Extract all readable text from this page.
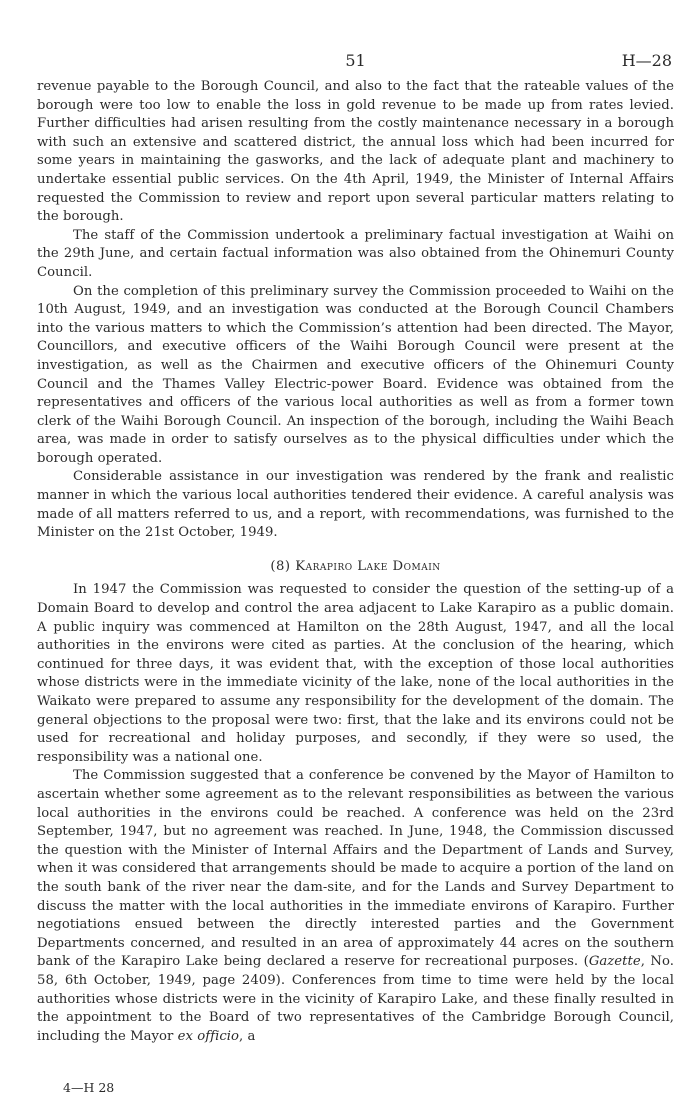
51	H—28

revenue payable to the Borough Council, and also to the fact that the rateable values of the borough were too low to enable the loss in gold revenue to be made up from rates levied. Further difficulties had arisen resulting from the costly maintenance necessary in a borough with such an extensive and scattered district, the annual loss which had been incurred for some years in maintaining the gasworks, and the lack of adequate plant and machinery to undertake essential public services. On the 4th April, 1949, the Minister of Internal Affairs requested the Commission to review and report upon several particular matters relating to the borough.

The staff of the Commission undertook a preliminary factual investigation at Waihi on the 29th June, and certain factual information was also obtained from the Ohinemuri County Council.

On the completion of this preliminary survey the Commission proceeded to Waihi on the 10th August, 1949, and an investigation was conducted at the Borough Council Chambers into the various matters to which the Commission’s attention had been directed. The Mayor, Councillors, and executive officers of the Waihi Borough Council were present at the investigation, as well as the Chairmen and executive officers of the Ohinemuri County Council and the Thames Valley Electric-power Board. Evidence was obtained from the representatives and officers of the various local authorities as well as from a former town clerk of the Waihi Borough Council. An inspection of the borough, including the Waihi Beach area, was made in order to satisfy ourselves as to the physical difficulties under which the borough operated.

Considerable assistance in our investigation was rendered by the frank and realistic manner in which the various local authorities tendered their evidence. A careful analysis was made of all matters referred to us, and a report, with recommendations, was furnished to the Minister on the 21st October, 1949.

(8) Karapiro Lake Domain

In 1947 the Commission was requested to consider the question of the setting-up of a Domain Board to develop and control the area adjacent to Lake Karapiro as a public domain. A public inquiry was commenced at Hamilton on the 28th August, 1947, and all the local authorities in the environs were cited as parties. At the conclusion of the hearing, which continued for three days, it was evident that, with the exception of those local authorities whose districts were in the immediate vicinity of the lake, none of the local authorities in the Waikato were prepared to assume any responsibility for the development of the domain. The general objections to the proposal were two: first, that the lake and its environs could not be used for recreational and holiday purposes, and secondly, if they were so used, the responsibility was a national one.

The Commission suggested that a conference be convened by the Mayor of Hamilton to ascertain whether some agreement as to the relevant responsibilities as between the various local authorities in the environs could be reached. A conference was held on the 23rd September, 1947, but no agreement was reached. In June, 1948, the Commission discussed the question with the Minister of Internal Affairs and the Department of Lands and Survey, when it was considered that arrangements should be made to acquire a portion of the land on the south bank of the river near the dam-site, and for the Lands and Survey Department to discuss the matter with the local authorities in the immediate environs of Karapiro. Further negotiations ensued between the directly interested parties and the Government Departments concerned, and resulted in an area of approximately 44 acres on the southern bank of the Karapiro Lake being declared a reserve for recreational purposes. (Gazette, No. 58, 6th October, 1949, page 2409). Conferences from time to time were held by the local authorities whose districts were in the vicinity of Karapiro Lake, and these finally resulted in the appointment to the Board of two representatives of the Cambridge Borough Council, including the Mayor ex officio, a

4—H 28
